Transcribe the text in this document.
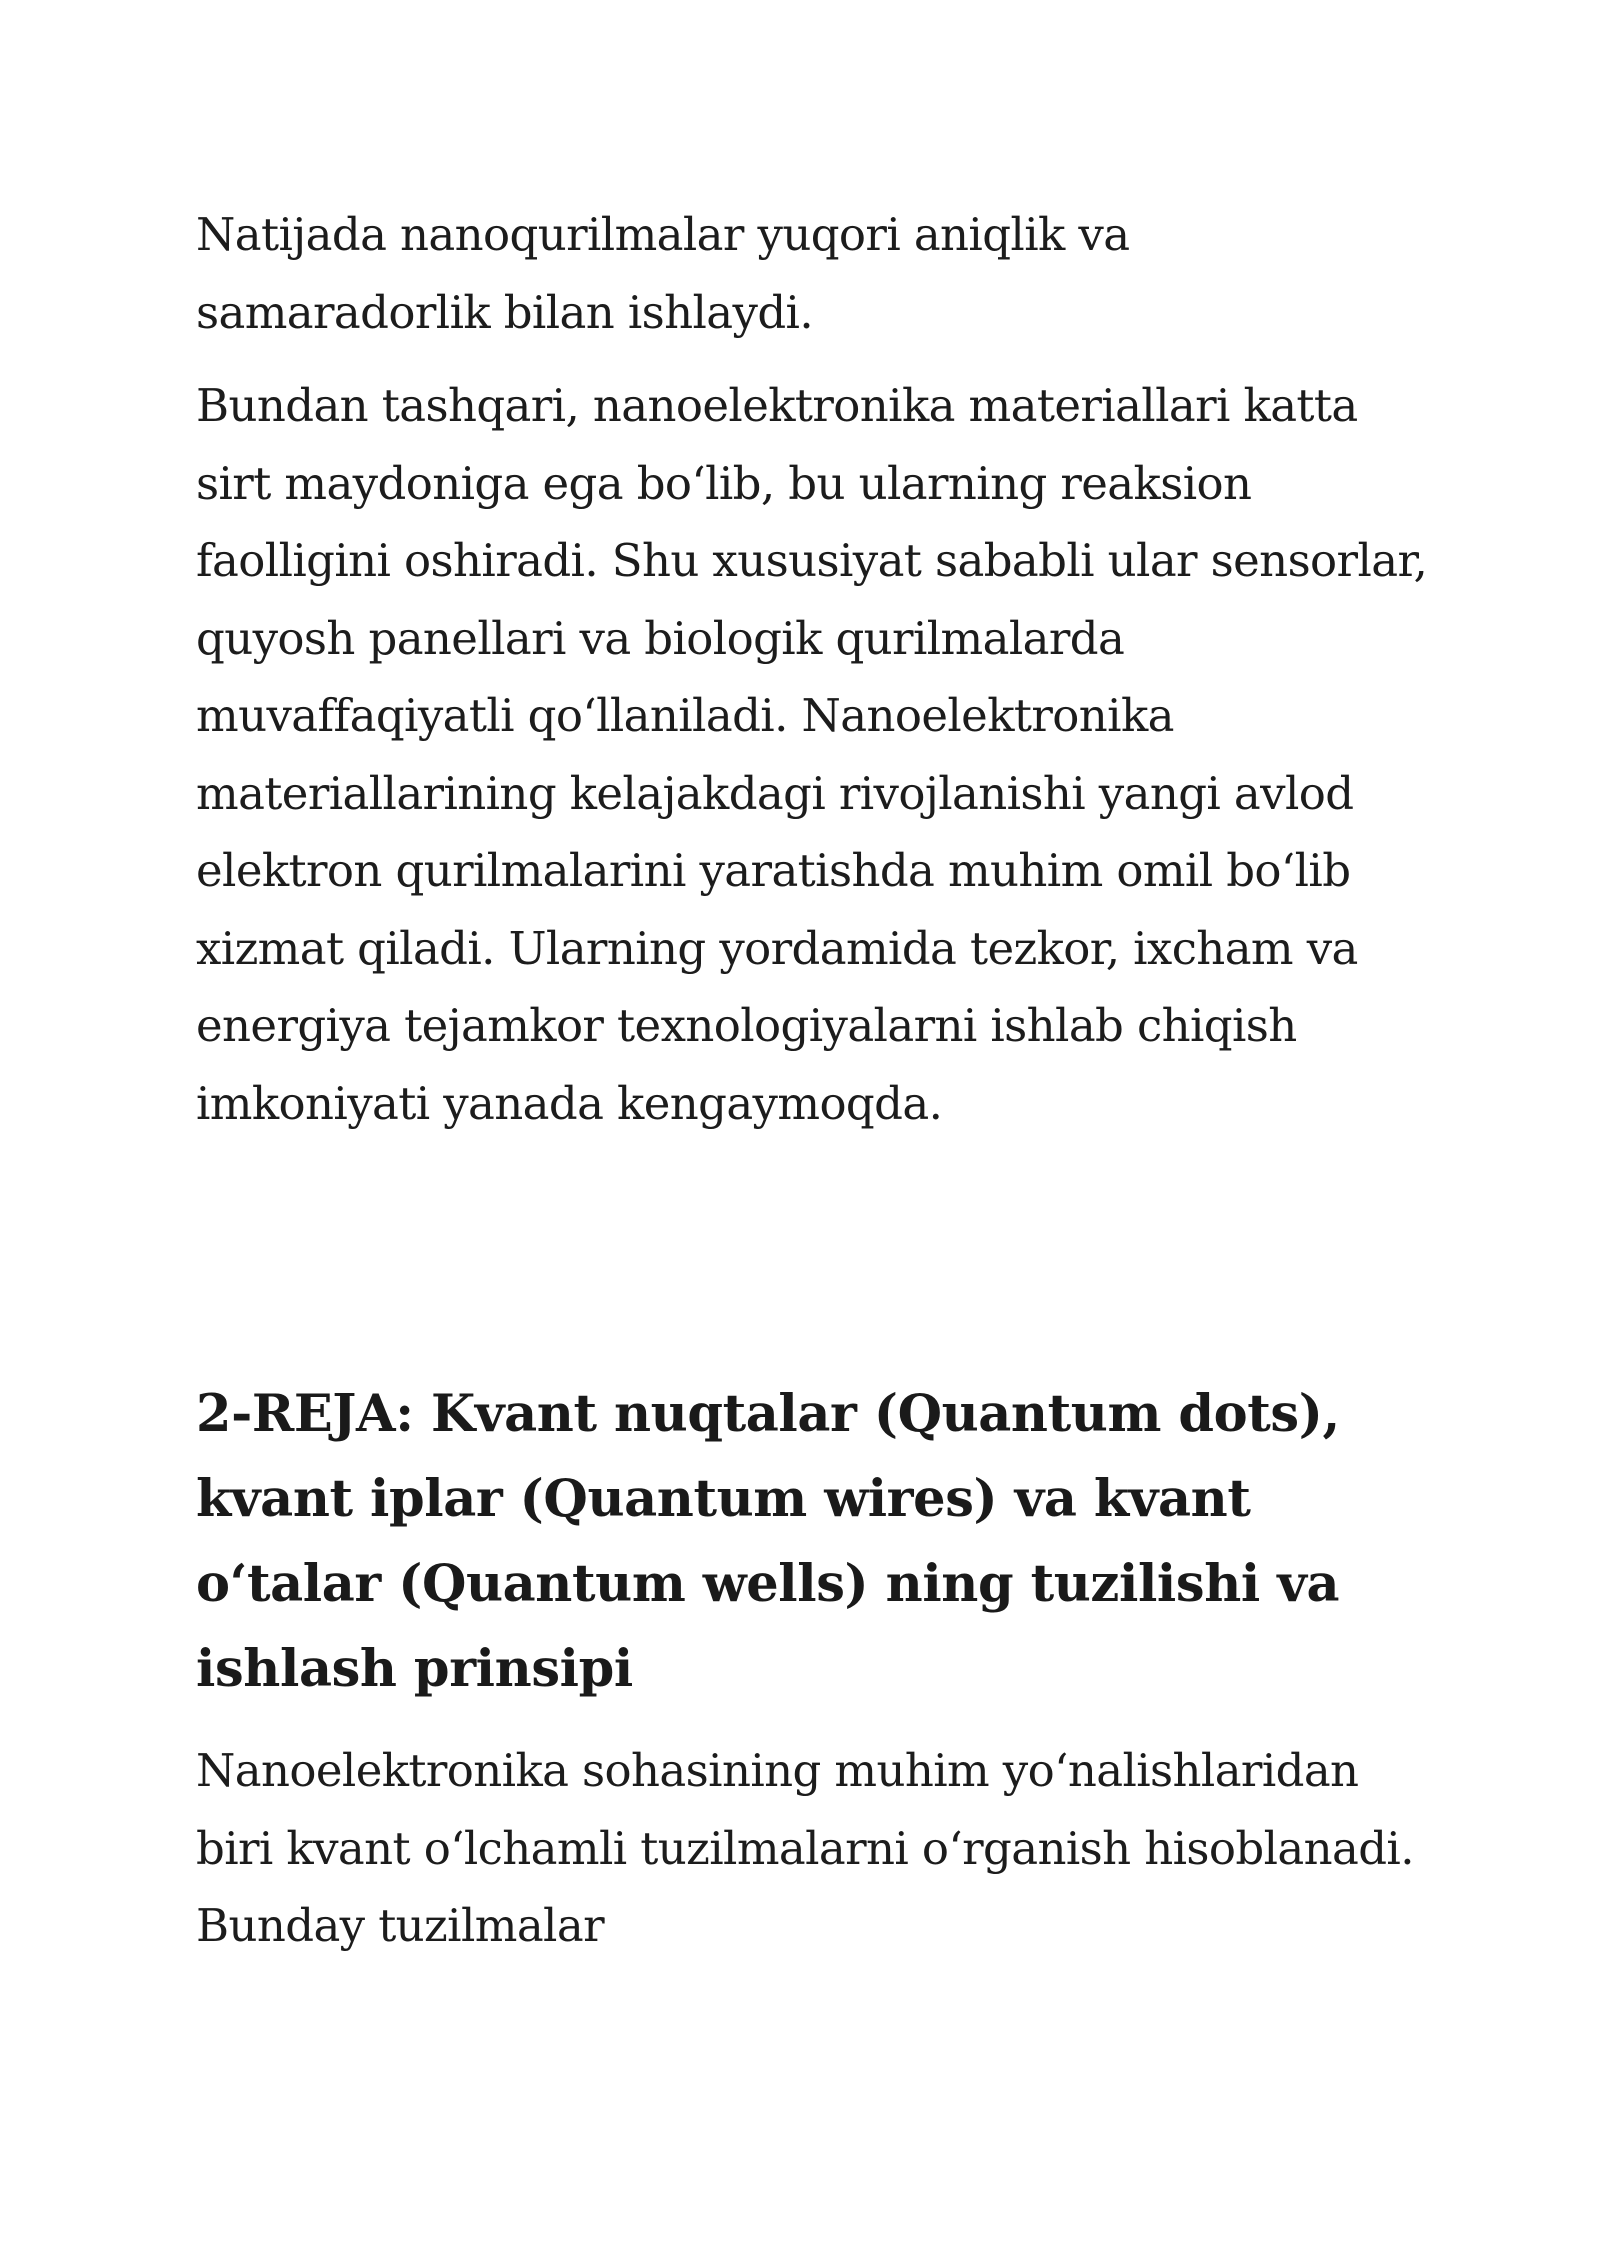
Natijada nanoqurilmalar yuqori aniqlik va samaradorlik bilan ishlaydi.

Bundan tashqari, nanoelektronika materiallari katta sirt maydoniga ega bo‘lib, bu ularning reaksion faolligini oshiradi. Shu xususiyat sababli ular sensorlar, quyosh panellari va biologik qurilmalarda muvaffaqiyatli qo‘llaniladi. Nanoelektronika materiallarining kelajakdagi rivojlanishi yangi avlod elektron qurilmalarini yaratishda muhim omil bo‘lib xizmat qiladi. Ularning yordamida tezkor, ixcham va energiya tejamkor texnologiyalarni ishlab chiqish imkoniyati yanada kengaymoqda.

2-REJA: Kvant nuqtalar (Quantum dots), kvant iplar (Quantum wires) va kvant o‘talar (Quantum wells) ning tuzilishi va ishlash prinsipi

Nanoelektronika sohasining muhim yo‘nalishlaridan biri kvant o‘lchamli tuzilmalarni o‘rganish hisoblanadi. Bunday tuzilmalar
